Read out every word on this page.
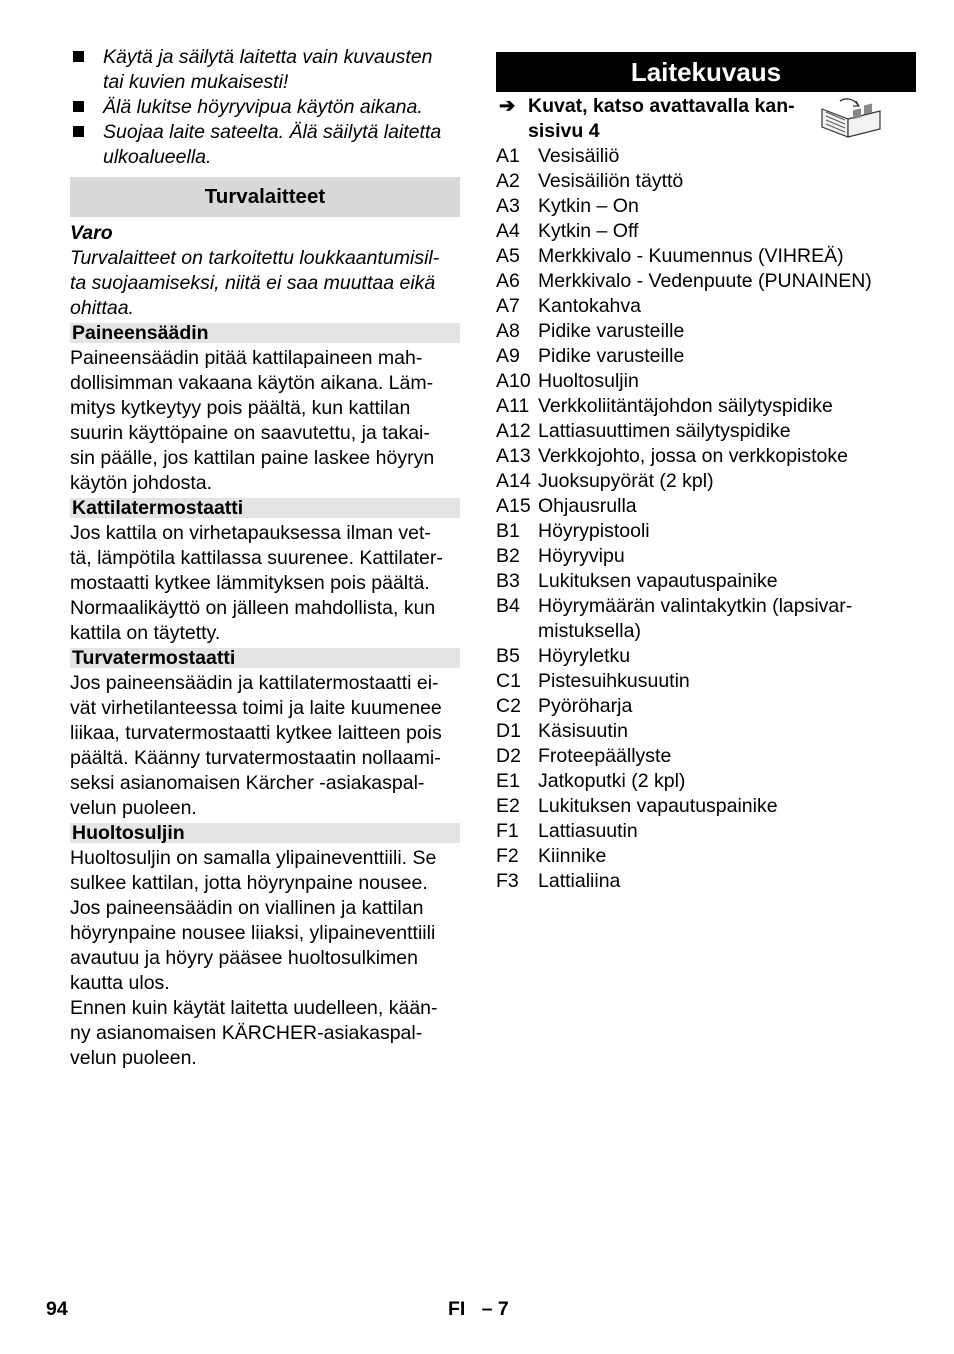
Käytä ja säilytä laitetta vain kuvausten
tai kuvien mukaisesti!
Älä lukitse höyryvipua käytön aikana.
Suojaa laite sateelta. Älä säilytä laitetta
ulkoalueella.
Turvalaitteet
Varo
Turvalaitteet on tarkoitettu loukkaantumisil-
ta suojaamiseksi, niitä ei saa muuttaa eikä
ohittaa.
Paineensäädin
Paineensäädin pitää kattilapaineen mah-
dollisimman vakaana käytön aikana. Läm-
mitys kytkeytyy pois päältä, kun kattilan
suurin käyttöpaine on saavutettu, ja takai-
sin päälle, jos kattilan paine laskee höyryn
käytön johdosta.
Kattilatermostaatti
Jos kattila on virhetapauksessa ilman vet-
tä, lämpötila kattilassa suurenee. Kattilater-
mostaatti kytkee lämmityksen pois päältä.
Normaalikäyttö on jälleen mahdollista, kun
kattila on täytetty.
Turvatermostaatti
Jos paineensäädin ja kattilatermostaatti ei-
vät virhetilanteessa toimi ja laite kuumenee
liikaa, turvatermostaatti kytkee laitteen pois
päältä. Käänny turvatermostaatin nollaami-
seksi asianomaisen Kärcher -asiakaspal-
velun puoleen.
Huoltosuljin
Huoltosuljin on samalla ylipaineventtiili. Se
sulkee kattilan, jotta höyrynpaine nousee.
Jos paineensäädin on viallinen ja kattilan
höyrynpaine nousee liiaksi, ylipaineventtiili
avautuu ja höyry pääsee huoltosulkimen
kautta ulos.
Ennen kuin käytät laitetta uudelleen, kään-
ny asianomaisen KÄRCHER-asiakaspal-
velun puoleen.
Laitekuvaus
➔ Kuvat, katso avattavalla kan-
sisivu 4
A1 Vesisäiliö
A2 Vesisäiliön täyttö
A3 Kytkin – On
A4 Kytkin – Off
A5 Merkkivalo - Kuumennus (VIHREÄ)
A6 Merkkivalo - Vedenpuute (PUNAINEN)
A7 Kantokahva
A8 Pidike varusteille
A9 Pidike varusteille
A10 Huoltosuljin
A11 Verkkoliitäntäjohdon säilytyspidike
A12 Lattiasuuttimen säilytyspidike
A13 Verkkojohto, jossa on verkkopistoke
A14 Juoksupyörät (2 kpl)
A15 Ohjausrulla
B1 Höyrypistooli
B2 Höyryvipu
B3 Lukituksen vapautuspainike
B4 Höyrymäärän valintakytkin (lapsivar-
mistuksella)
B5 Höyryletku
C1 Pistesuihkusuutin
C2 Pyöröharja
D1 Käsisuutin
D2 Froteepäällyste
E1 Jatkoputki (2 kpl)
E2 Lukituksen vapautuspainike
F1 Lattiasuutin
F2 Kiinnike
F3 Lattialiina
94	FI   – 7
